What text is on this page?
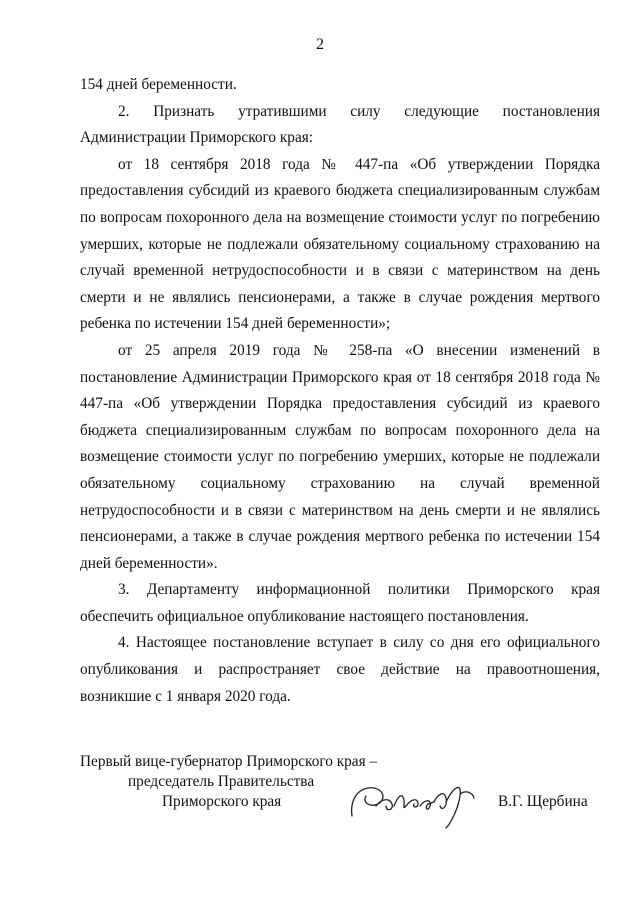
2

154 дней беременности.

2. Признать утратившими силу следующие постановления Администрации Приморского края:

от 18 сентября 2018 года № 447-па «Об утверждении Порядка предоставления субсидий из краевого бюджета специализированным службам по вопросам похоронного дела на возмещение стоимости услуг по погребению умерших, которые не подлежали обязательному социальному страхованию на случай временной нетрудоспособности и в связи с материнством на день смерти и не являлись пенсионерами, а также в случае рождения мертвого ребенка по истечении 154 дней беременности»;

от 25 апреля 2019 года № 258-па «О внесении изменений в постановление Администрации Приморского края от 18 сентября 2018 года № 447-па «Об утверждении Порядка предоставления субсидий из краевого бюджета специализированным службам по вопросам похоронного дела на возмещение стоимости услуг по погребению умерших, которые не подлежали обязательному социальному страхованию на случай временной нетрудоспособности и в связи с материнством на день смерти и не являлись пенсионерами, а также в случае рождения мертвого ребенка по истечении 154 дней беременности».

3. Департаменту информационной политики Приморского края обеспечить официальное опубликование настоящего постановления.

4. Настоящее постановление вступает в силу со дня его официального опубликования и распространяет свое действие на правоотношения, возникшие с 1 января 2020 года.

Первый вице-губернатор Приморского края –
председатель Правительства
Приморского края	В.Г. Щербина
